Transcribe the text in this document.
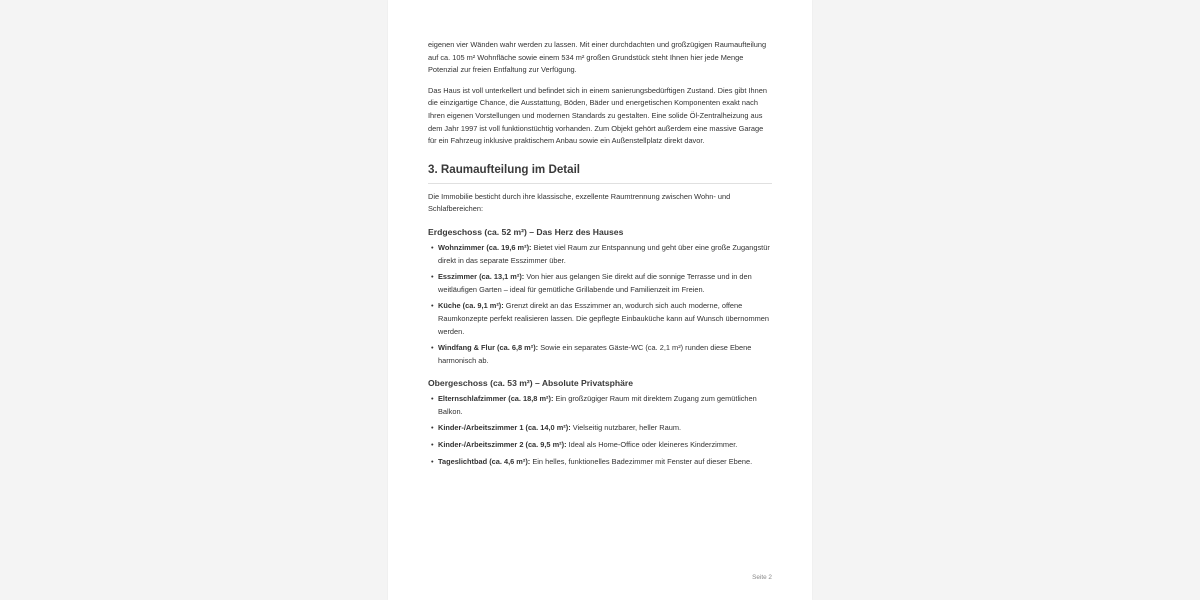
eigenen vier Wänden wahr werden zu lassen. Mit einer durchdachten und großzügigen Raumaufteilung auf ca. 105 m² Wohnfläche sowie einem 534 m² großen Grundstück steht Ihnen hier jede Menge Potenzial zur freien Entfaltung zur Verfügung.

Das Haus ist voll unterkellert und befindet sich in einem sanierungsbedürftigen Zustand. Dies gibt Ihnen die einzigartige Chance, die Ausstattung, Böden, Bäder und energetischen Komponenten exakt nach Ihren eigenen Vorstellungen und modernen Standards zu gestalten. Eine solide Öl-Zentralheizung aus dem Jahr 1997 ist voll funktionstüchtig vorhanden. Zum Objekt gehört außerdem eine massive Garage für ein Fahrzeug inklusive praktischem Anbau sowie ein Außenstellplatz direkt davor.

3. Raumaufteilung im Detail

Die Immobilie besticht durch ihre klassische, exzellente Raumtrennung zwischen Wohn- und Schlafbereichen:

Erdgeschoss (ca. 52 m²) – Das Herz des Hauses
• Wohnzimmer (ca. 19,6 m²): Bietet viel Raum zur Entspannung und geht über eine große Zugangstür direkt in das separate Esszimmer über.
• Esszimmer (ca. 13,1 m²): Von hier aus gelangen Sie direkt auf die sonnige Terrasse und in den weitläufigen Garten – ideal für gemütliche Grillabende und Familienzeit im Freien.
• Küche (ca. 9,1 m²): Grenzt direkt an das Esszimmer an, wodurch sich auch moderne, offene Raumkonzepte perfekt realisieren lassen. Die gepflegte Einbauküche kann auf Wunsch übernommen werden.
• Windfang & Flur (ca. 6,8 m²): Sowie ein separates Gäste-WC (ca. 2,1 m²) runden diese Ebene harmonisch ab.
Obergeschoss (ca. 53 m²) – Absolute Privatsphäre
• Elternschlafzimmer (ca. 18,8 m²): Ein großzügiger Raum mit direktem Zugang zum gemütlichen Balkon.
• Kinder-/Arbeitszimmer 1 (ca. 14,0 m²): Vielseitig nutzbarer, heller Raum.
• Kinder-/Arbeitszimmer 2 (ca. 9,5 m²): Ideal als Home-Office oder kleineres Kinderzimmer.
• Tageslichtbad (ca. 4,6 m²): Ein helles, funktionelles Badezimmer mit Fenster auf dieser Ebene.
Seite 2
